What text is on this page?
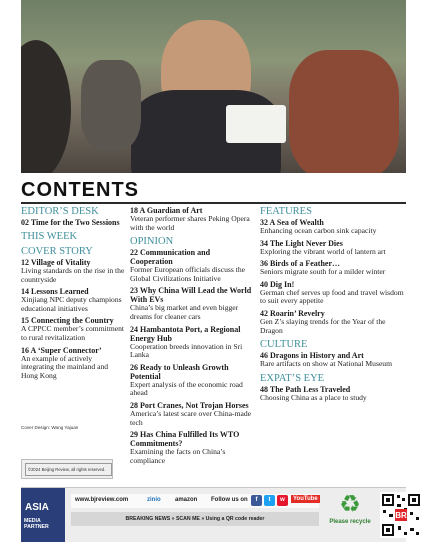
CONTENTS
EDITOR’S DESK
02 Time for the Two Sessions
THIS WEEK
COVER STORY
12 Village of Vitality
Living standards on the rise in the countryside
14 Lessons Learned
Xinjiang NPC deputy champions educational initiatives
15 Connecting the Country
A CPPCC member’s commitment to rural revitalization
16 A ‘Super Connector’
An example of actively integrating the mainland and Hong Kong
18 A Guardian of Art
Veteran performer shares Peking Opera with the world
OPINION
22 Communication and Cooperation
Former European officials discuss the Global Civilizations Initiative
23 Why China Will Lead the World With EVs
China’s big market and even bigger dreams for cleaner cars
24 Hambantota Port, a Regional Energy Hub
Cooperation breeds innovation in Sri Lanka
26 Ready to Unleash Growth Potential
Expert analysis of the economic road ahead
28 Port Cranes, Not Trojan Horses
America’s latest scare over China-made tech
29 Has China Fulfilled Its WTO Commitments?
Examining the facts on China’s compliance
FEATURES
32 A Sea of Wealth
Enhancing ocean carbon sink capacity
34 The Light Never Dies
Exploring the vibrant world of lantern art
36 Birds of a Feather…
Seniors migrate south for a milder winter
40 Dig In!
German chef serves up food and travel wisdom to suit every appetite
42 Roarin’ Revelry
Gen Z’s slaying trends for the Year of the Dragon
CULTURE
46 Dragons in History and Art
Rare artifacts on show at National Museum
EXPAT’S EYE
48 The Path Less Traveled
Choosing China as a place to study
Cover Design: Wang Yajuan
©2024 Beijing Review, all rights reserved.
ASIA
MEDIA PARTNER
www.bjreview.com	zinio amazon Follow us on	f	t	w	YouTube
BREAKING NEWS » SCAN ME » Using a QR code reader
♻
Please recycle
BR
